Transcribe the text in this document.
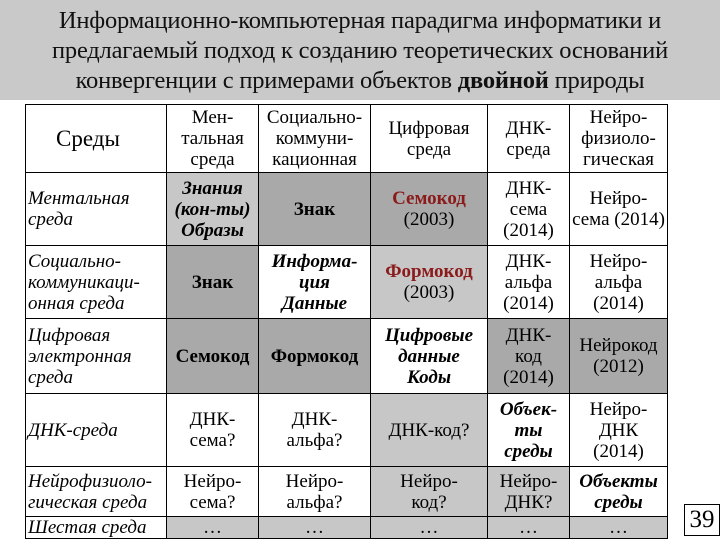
Информационно-компьютерная парадигма информатики и
предлагаемый подход к созданию теоретических оснований
конвергенции с примерами объектов двойной природы
Среды	Мен-
тальная
среда	Социально-
коммуни-
кационная	Цифровая
среда	ДНК-
среда	Нейро-
физиоло-
гическая

Ментальная
среда	Знания
(кон-ты)
Образы	Знак	Семокод
(2003)	ДНК-
сема
(2014)	Нейро-
сема (2014)

Социально-
коммуникаци-
онная среда	Знак	Информа-
ция
Данные	Формокод
(2003)	ДНК-
альфа
(2014)	Нейро-
альфа
(2014)

Цифровая
электронная
среда	Семокод	Формокод	Цифровые
данные
Коды	ДНК-
код
(2014)	Нейрокод
(2012)

ДНК-среда	ДНК-
сема?	ДНК-
альфа?	ДНК-код?	Объек-
ты
среды	Нейро-
ДНК
(2014)

Нейрофизиоло-
гическая среда	Нейро-
сема?	Нейро-
альфа?	Нейро-
код?	Нейро-
ДНК?	Объекты
среды

Шестая среда	…	…	…	…	… 39
